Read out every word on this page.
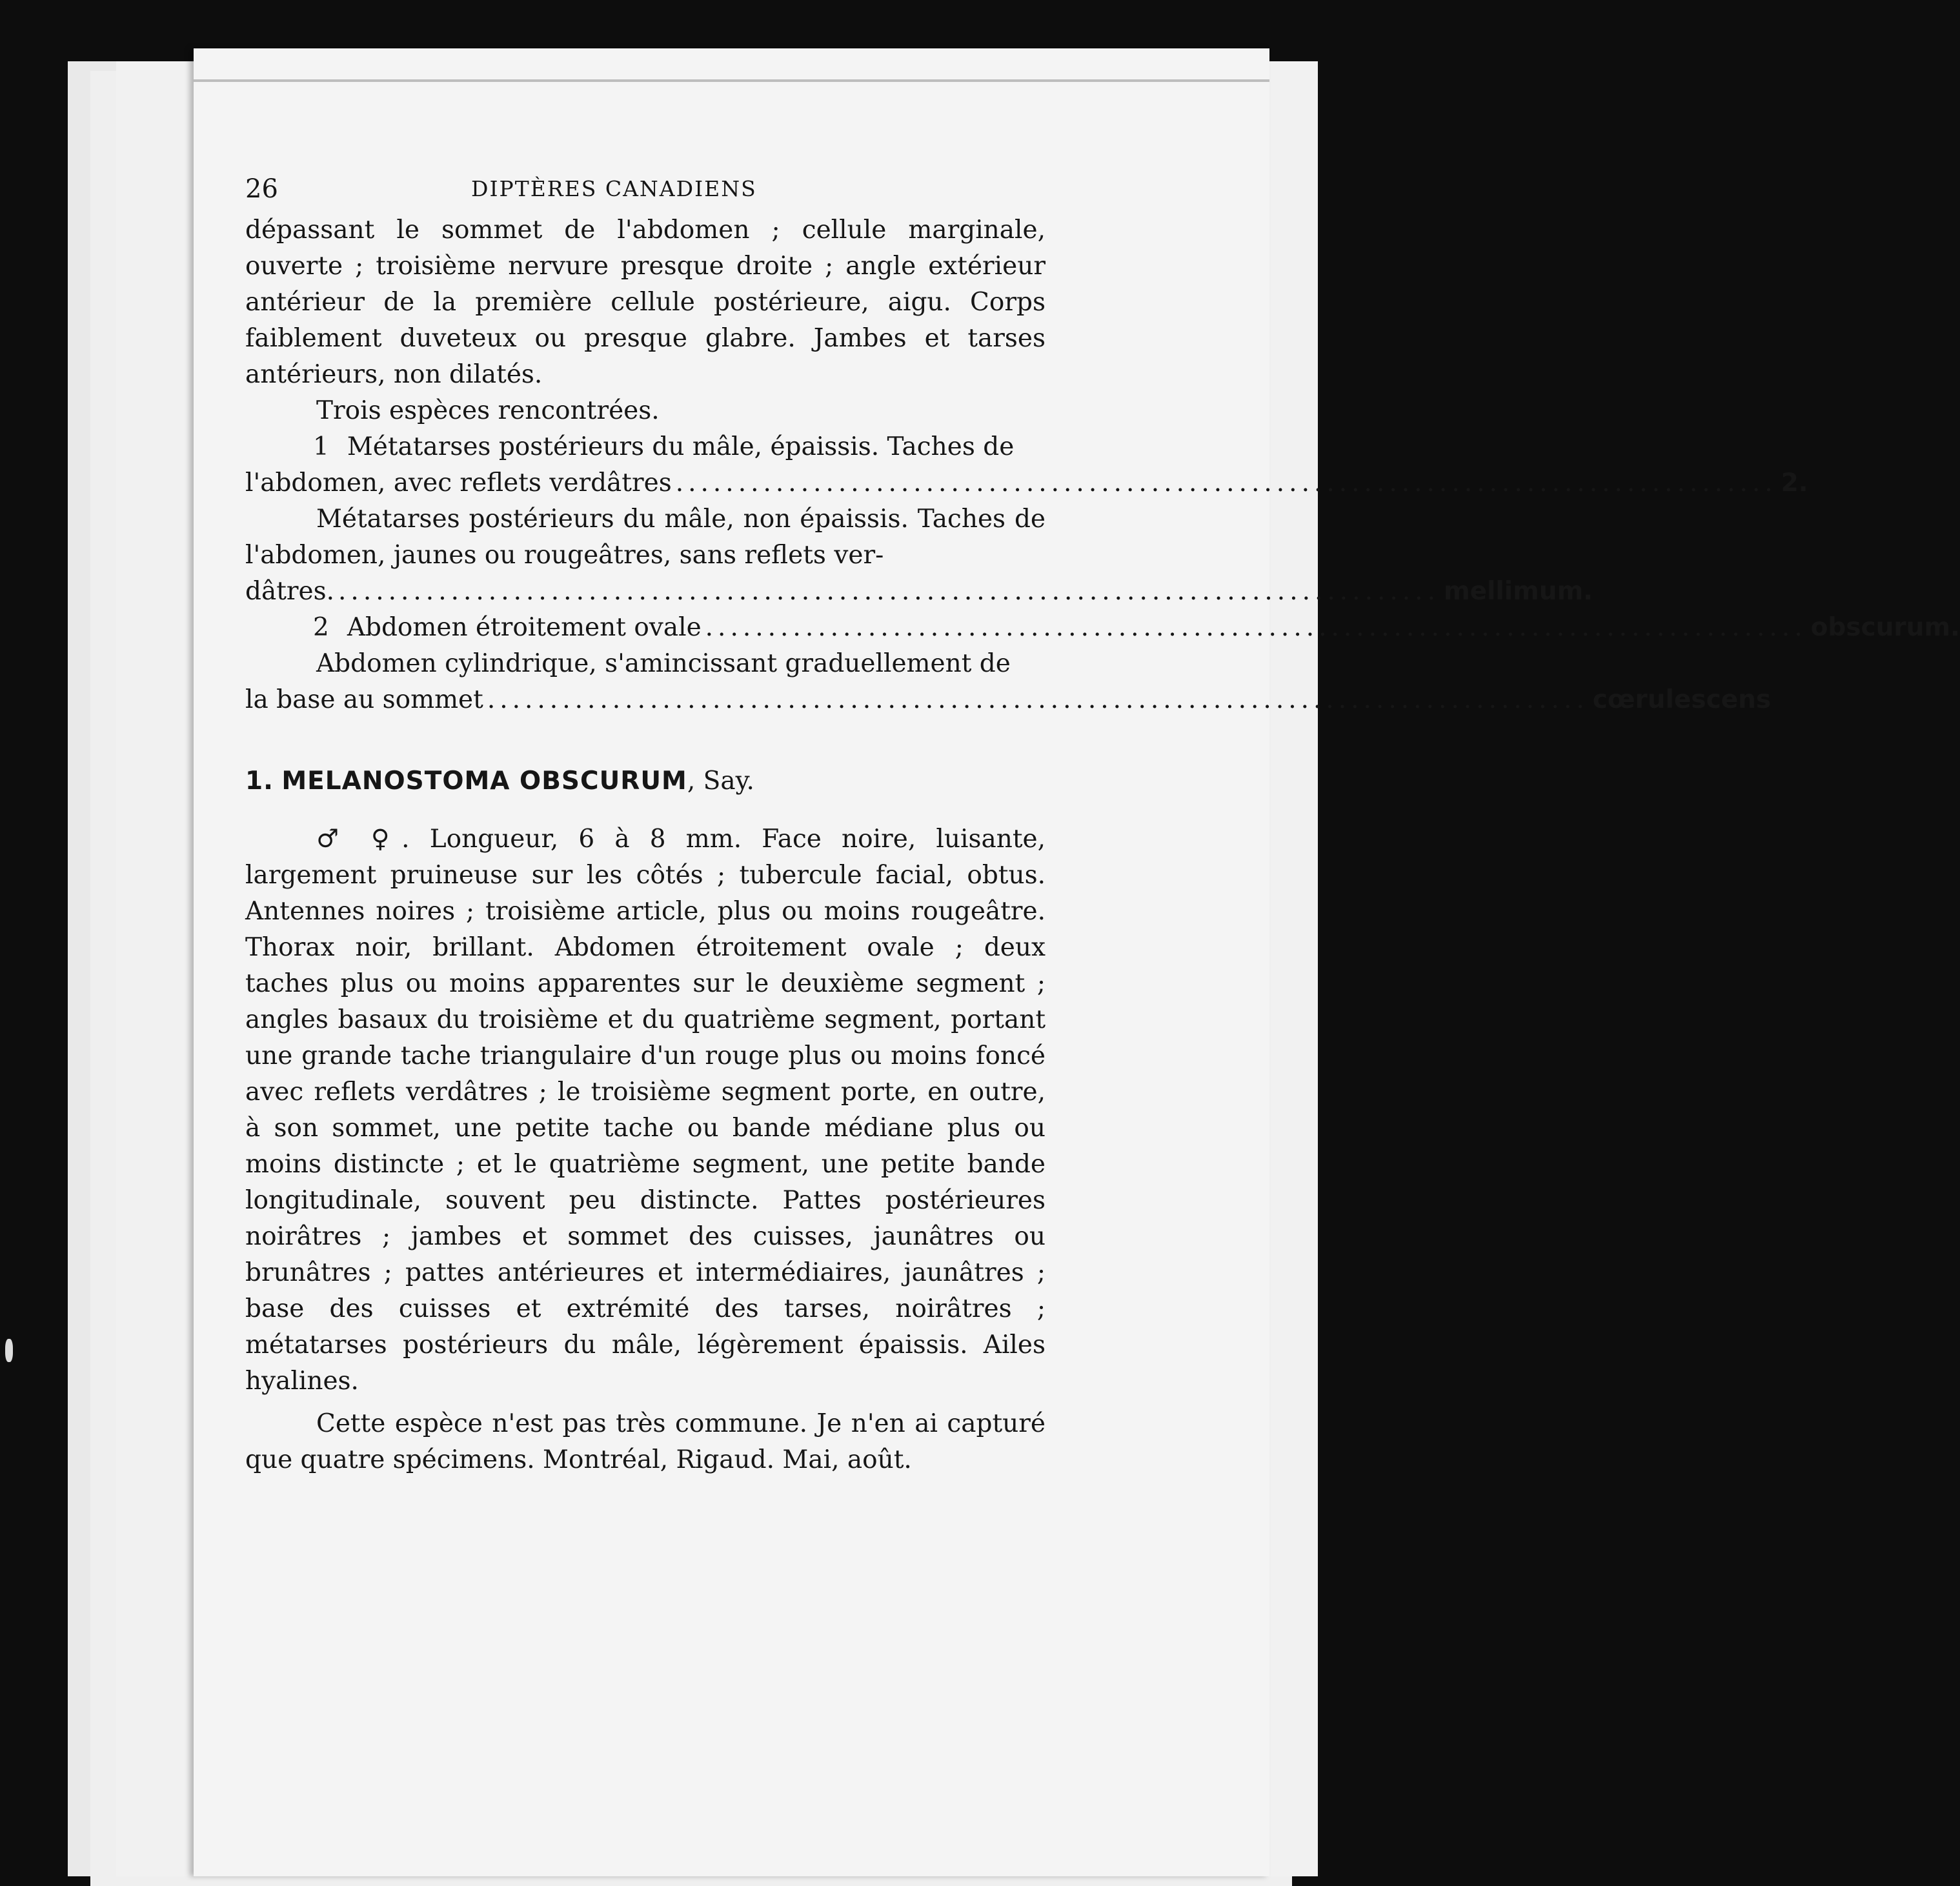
26	DIPTÈRES CANADIENS

dépassant le sommet de l'abdomen ; cellule marginale, ouverte ; troisième nervure presque droite ; angle extérieur antérieur de la première cellule postérieure, aigu. Corps faiblement duveteux ou presque glabre. Jambes et tarses antérieurs, non dilatés.

Trois espèces rencontrées.

1 Métatarses postérieurs du mâle, épaissis. Taches de
l'abdomen, avec reflets verdâtres ........................................................................................ 2.

Métatarses postérieurs du mâle, non épaissis. Taches de l'abdomen, jaunes ou rougeâtres, sans reflets ver-

dâtres. ........................................................................................ mellimum.
2 Abdomen étroitement ovale ........................................................................................ obscurum.

Abdomen cylindrique, s'amincissant graduellement de

la base au sommet ........................................................................................ cœrulescens
1. MELANOSTOMA OBSCURUM, Say.

♂ ♀. Longueur, 6 à 8 mm. Face noire, luisante, largement pruineuse sur les côtés ; tubercule facial, obtus. Antennes noires ; troisième article, plus ou moins rougeâtre. Thorax noir, brillant. Abdomen étroitement ovale ; deux taches plus ou moins apparentes sur le deuxième segment ; angles basaux du troisième et du quatrième segment, portant une grande tache triangulaire d'un rouge plus ou moins foncé avec reflets verdâtres ; le troisième segment porte, en outre, à son sommet, une petite tache ou bande médiane plus ou moins distincte ; et le quatrième segment, une petite bande longitudinale, souvent peu distincte. Pattes postérieures noirâtres ; jambes et sommet des cuisses, jaunâtres ou brunâtres ; pattes antérieures et intermédiaires, jaunâtres ; base des cuisses et extrémité des tarses, noirâtres ; métatarses postérieurs du mâle, légèrement épaissis. Ailes hyalines.

Cette espèce n'est pas très commune. Je n'en ai capturé que quatre spécimens. Montréal, Rigaud. Mai, août.
